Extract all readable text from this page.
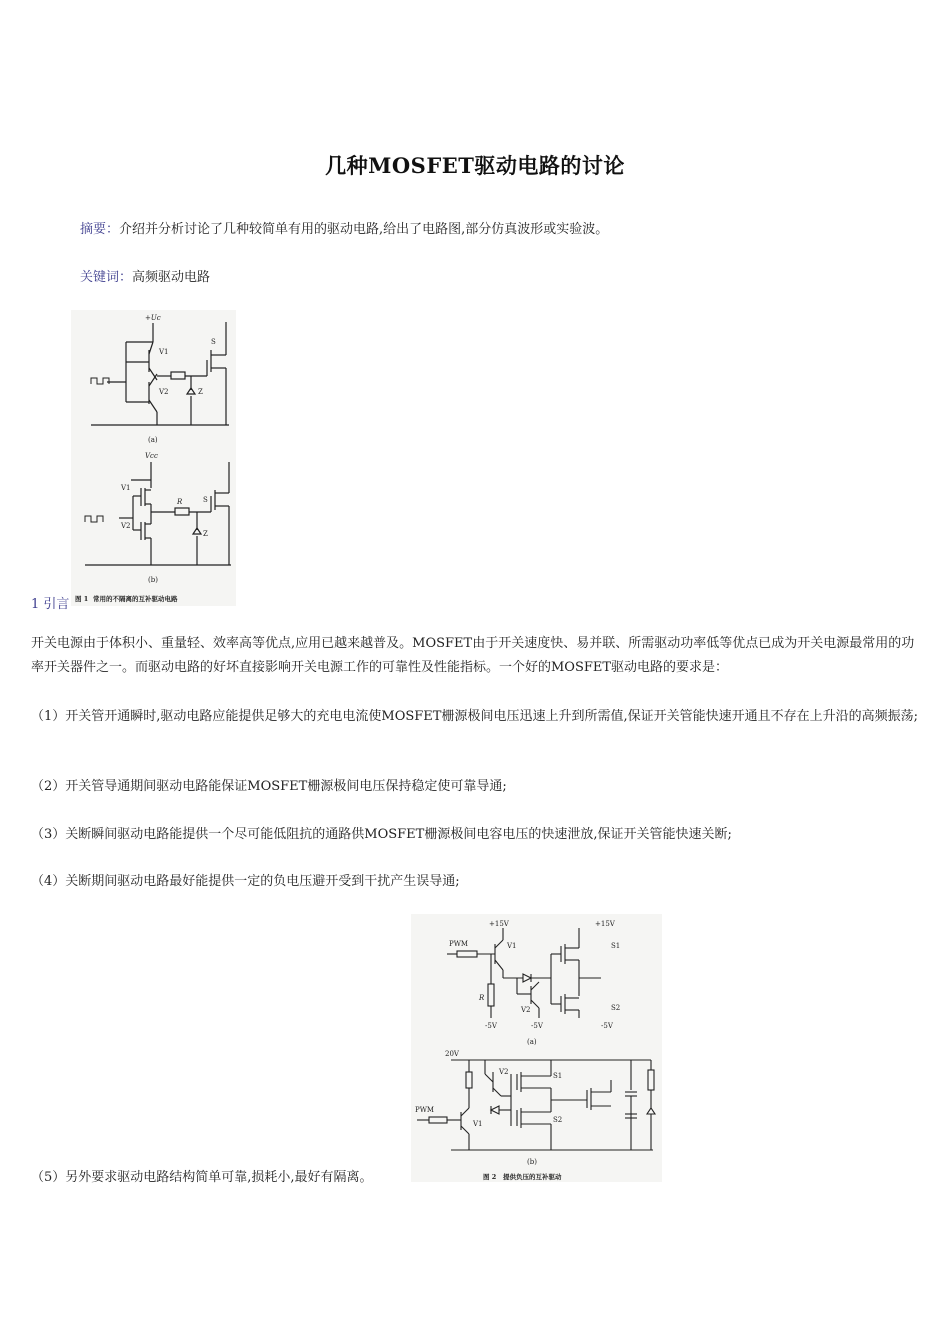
几种MOSFET驱动电路的讨论
摘要：介绍并分析讨论了几种较简单有用的驱动电路,给出了电路图,部分仿真波形或实验波。
关键词：高频驱动电路
+Uc
V1
V2	Z
S
(a)
Vcc
V1
V2
R
Z
S
(b)
图 1 常用的不隔离的互补驱动电路
1 引言
开关电源由于体积小、重量轻、效率高等优点,应用已越来越普及。MOSFET由于开关速度快、易并联、所需驱动功率低等优点已成为开关电源最常用的功率开关器件之一。而驱动电路的好坏直接影响开关电源工作的可靠性及性能指标。一个好的MOSFET驱动电路的要求是：
（1）开关管开通瞬时,驱动电路应能提供足够大的充电电流使MOSFET栅源极间电压迅速上升到所需值,保证开关管能快速开通且不存在上升沿的高频振荡;
（2）开关管导通期间驱动电路能保证MOSFET栅源极间电压保持稳定使可靠导通;
（3）关断瞬间驱动电路能提供一个尽可能低阻抗的通路供MOSFET栅源极间电容电压的快速泄放,保证开关管能快速关断;
（4）关断期间驱动电路最好能提供一定的负电压避开受到干扰产生误导通;
（5）另外要求驱动电路结构简单可靠,损耗小,最好有隔离。
+15V	+15V
PWM	V1
R
-5V
V2
-5V
S1
S2
-5V
(a)
20V
V2
PWM
V1
S1
S2
(b)
图 2 提供负压的互补驱动
